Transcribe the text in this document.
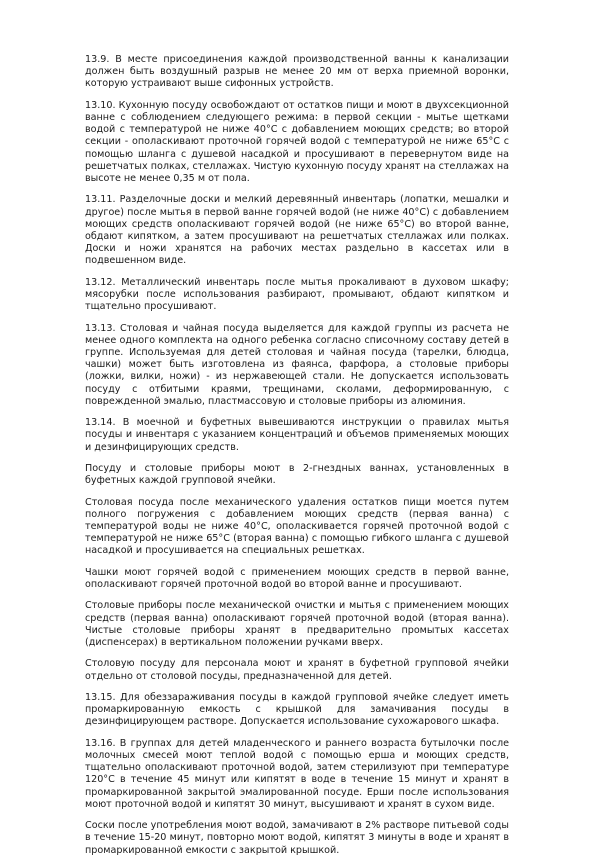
13.9. В месте присоединения каждой производственной ванны к канализации должен быть воздушный разрыв не менее 20 мм от верха приемной воронки, которую устраивают выше сифонных устройств.

13.10. Кухонную посуду освобождают от остатков пищи и моют в двухсекционной ванне с соблюдением следующего режима: в первой секции - мытье щетками водой с температурой не ниже 40°С с добавлением моющих средств; во второй секции - ополаскивают проточной горячей водой с температурой не ниже 65°С с помощью шланга с душевой насадкой и просушивают в перевернутом виде на решетчатых полках, стеллажах. Чистую кухонную посуду хранят на стеллажах на высоте не менее 0,35 м от пола.

13.11. Разделочные доски и мелкий деревянный инвентарь (лопатки, мешалки и другое) после мытья в первой ванне горячей водой (не ниже 40°С) с добавлением моющих средств ополаскивают горячей водой (не ниже 65°С) во второй ванне, обдают кипятком, а затем просушивают на решетчатых стеллажах или полках. Доски и ножи хранятся на рабочих местах раздельно в кассетах или в подвешенном виде.

13.12. Металлический инвентарь после мытья прокаливают в духовом шкафу; мясорубки после использования разбирают, промывают, обдают кипятком и тщательно просушивают.

13.13. Столовая и чайная посуда выделяется для каждой группы из расчета не менее одного комплекта на одного ребенка согласно списочному составу детей в группе. Используемая для детей столовая и чайная посуда (тарелки, блюдца, чашки) может быть изготовлена из фаянса, фарфора, а столовые приборы (ложки, вилки, ножи) - из нержавеющей стали. Не допускается использовать посуду с отбитыми краями, трещинами, сколами, деформированную, с поврежденной эмалью, пластмассовую и столовые приборы из алюминия.

13.14. В моечной и буфетных вывешиваются инструкции о правилах мытья посуды и инвентаря с указанием концентраций и объемов применяемых моющих и дезинфицирующих средств.

Посуду и столовые приборы моют в 2-гнездных ваннах, установленных в буфетных каждой групповой ячейки.

Столовая посуда после механического удаления остатков пищи моется путем полного погружения с добавлением моющих средств (первая ванна) с температурой воды не ниже 40°С, ополаскивается горячей проточной водой с температурой не ниже 65°С (вторая ванна) с помощью гибкого шланга с душевой насадкой и просушивается на специальных решетках.

Чашки моют горячей водой с применением моющих средств в первой ванне, ополаскивают горячей проточной водой во второй ванне и просушивают.

Столовые приборы после механической очистки и мытья с применением моющих средств (первая ванна) ополаскивают горячей проточной водой (вторая ванна). Чистые столовые приборы хранят в предварительно промытых кассетах (диспенсерах) в вертикальном положении ручками вверх.

Столовую посуду для персонала моют и хранят в буфетной групповой ячейки отдельно от столовой посуды, предназначенной для детей.

13.15. Для обеззараживания посуды в каждой групповой ячейке следует иметь промаркированную емкость с крышкой для замачивания посуды в дезинфицирующем растворе. Допускается использование сухожарового шкафа.

13.16. В группах для детей младенческого и раннего возраста бутылочки после молочных смесей моют теплой водой с помощью ерша и моющих средств, тщательно ополаскивают проточной водой, затем стерилизуют при температуре 120°С в течение 45 минут или кипятят в воде в течение 15 минут и хранят в промаркированной закрытой эмалированной посуде. Ерши после использования моют проточной водой и кипятят 30 минут, высушивают и хранят в сухом виде.

Соски после употребления моют водой, замачивают в 2% растворе питьевой соды в течение 15-20 минут, повторно моют водой, кипятят 3 минуты в воде и хранят в промаркированной емкости с закрытой крышкой.
